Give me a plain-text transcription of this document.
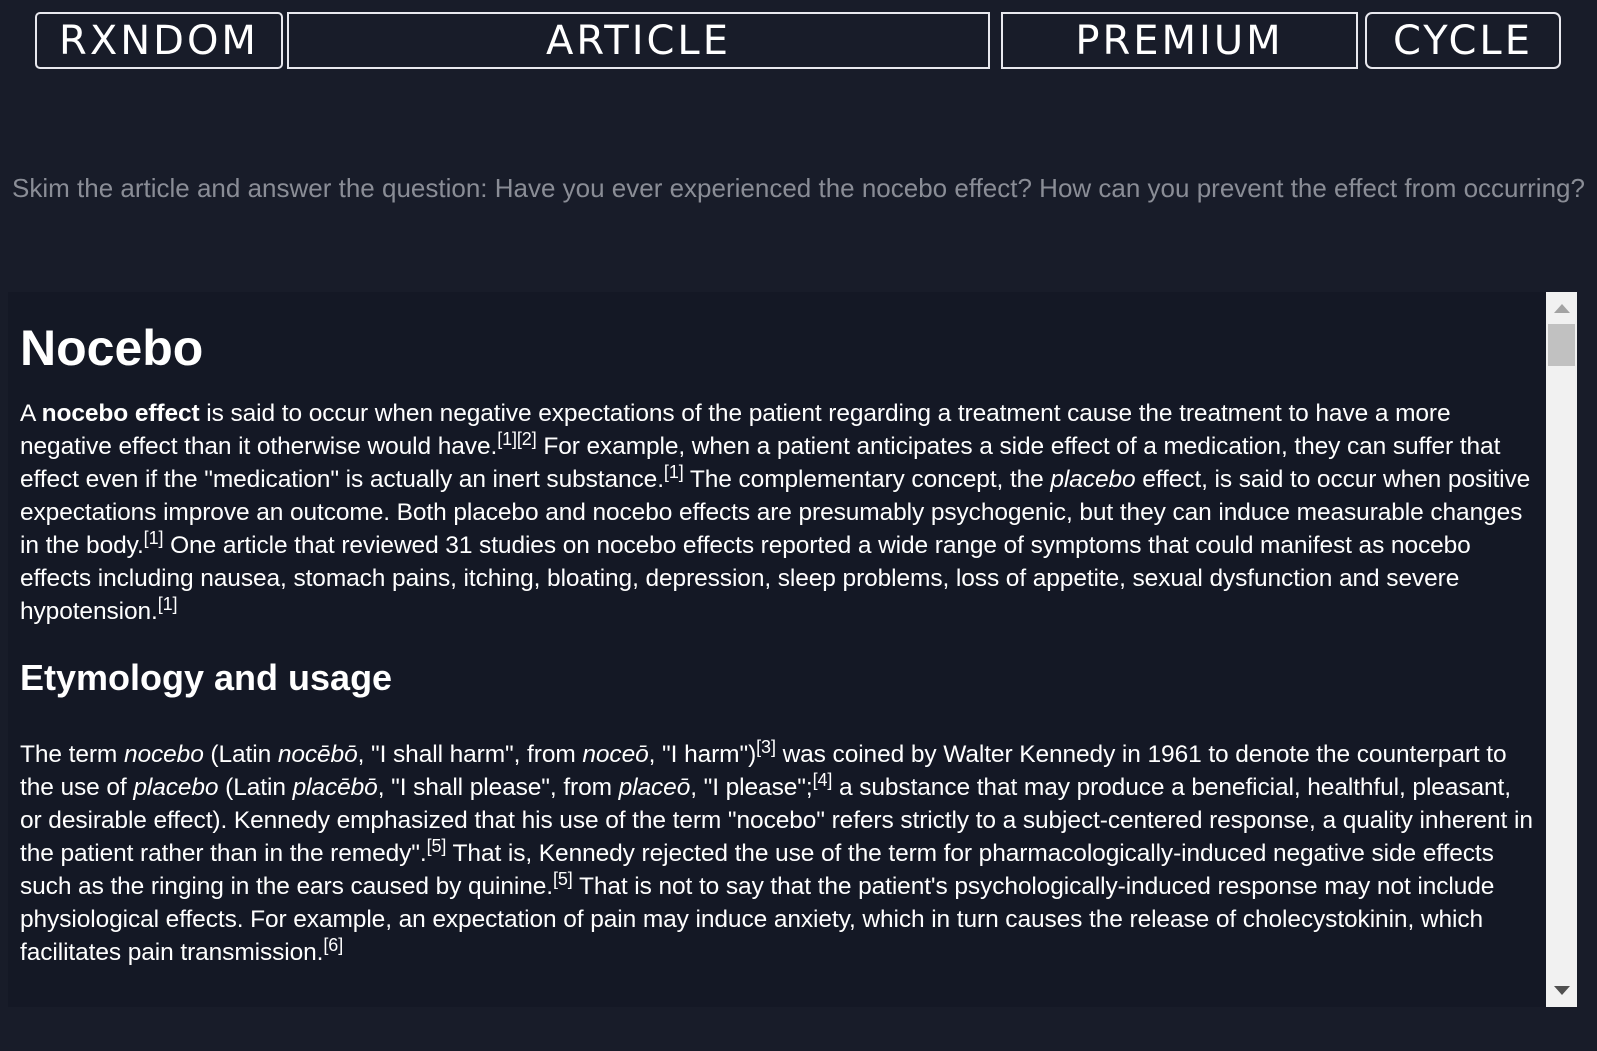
RXNDOM	ARTICLE	PREMIUM	CYCLE
Skim the article and answer the question: Have you ever experienced the nocebo effect? How can you prevent the effect from occurring?
Nocebo

A nocebo effect is said to occur when negative expectations of the patient regarding a treatment cause the treatment to have a more negative effect than it otherwise would have.[1][2] For example, when a patient anticipates a side effect of a medication, they can suffer that effect even if the "medication" is actually an inert substance.[1] The complementary concept, the placebo effect, is said to occur when positive expectations improve an outcome. Both placebo and nocebo effects are presumably psychogenic, but they can induce measurable changes in the body.[1] One article that reviewed 31 studies on nocebo effects reported a wide range of symptoms that could manifest as nocebo effects including nausea, stomach pains, itching, bloating, depression, sleep problems, loss of appetite, sexual dysfunction and severe hypotension.[1]

Etymology and usage

The term nocebo (Latin nocēbō, "I shall harm", from noceō, "I harm")[3] was coined by Walter Kennedy in 1961 to denote the counterpart to the use of placebo (Latin placēbō, "I shall please", from placeō, "I please";[4] a substance that may produce a beneficial, healthful, pleasant, or desirable effect). Kennedy emphasized that his use of the term "nocebo" refers strictly to a subject-centered response, a quality inherent in the patient rather than in the remedy".[5] That is, Kennedy rejected the use of the term for pharmacologically-induced negative side effects such as the ringing in the ears caused by quinine.[5] That is not to say that the patient's psychologically-induced response may not include physiological effects. For example, an expectation of pain may induce anxiety, which in turn causes the release of cholecystokinin, which facilitates pain transmission.[6]
